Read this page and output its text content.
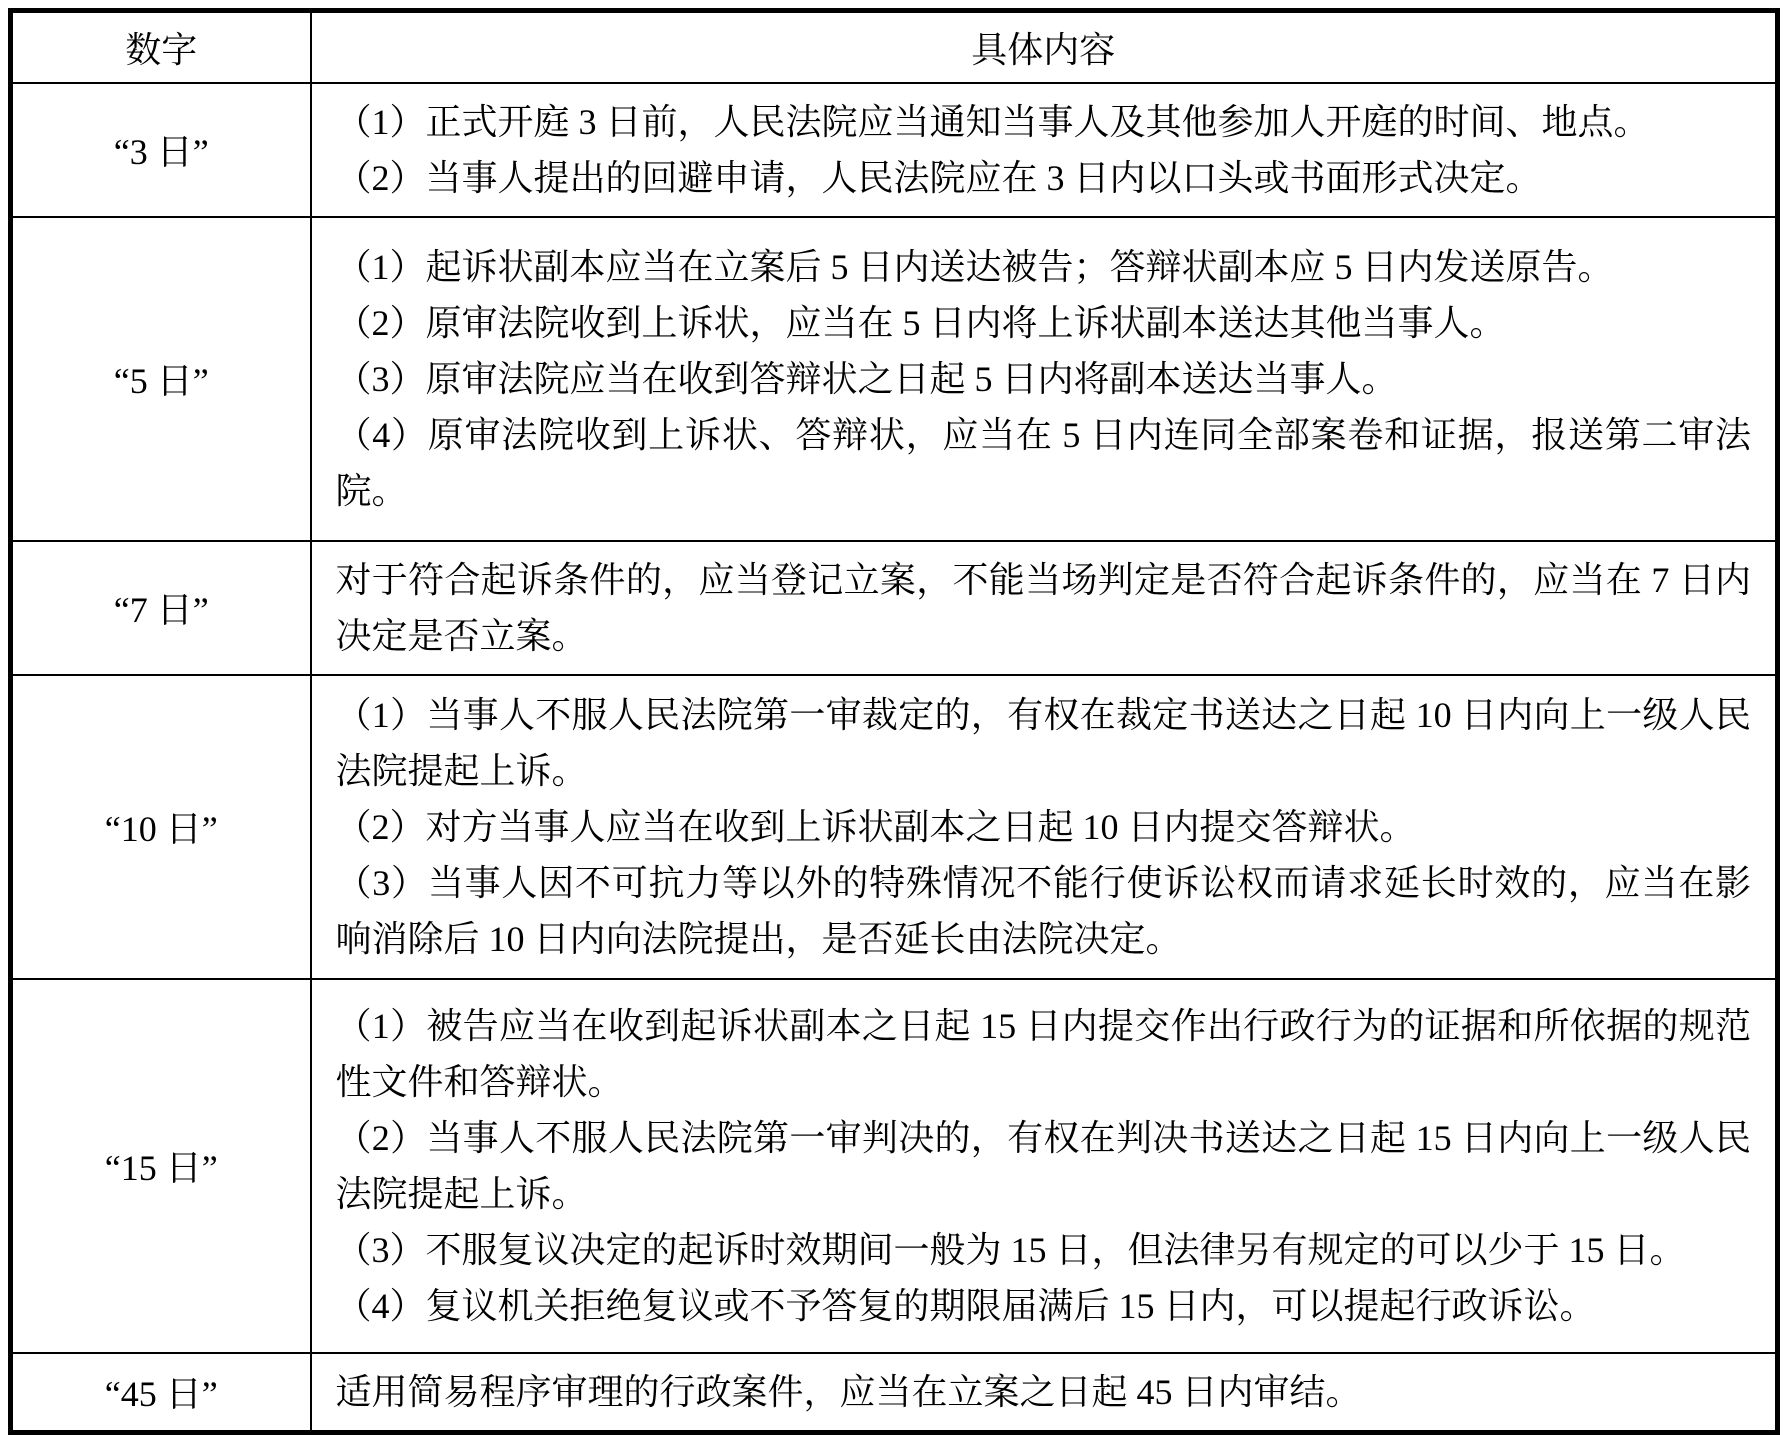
数字	具体内容
“3 日”	（1）正式开庭 3 日前，人民法院应当通知当事人及其他参加人开庭的时间、地点。

（2）当事人提出的回避申请，人民法院应在 3 日内以口头或书面形式决定。

“5 日”	（1）起诉状副本应当在立案后 5 日内送达被告；答辩状副本应 5 日内发送原告。

（2）原审法院收到上诉状，应当在 5 日内将上诉状副本送达其他当事人。

（3）原审法院应当在收到答辩状之日起 5 日内将副本送达当事人。

（4）原审法院收到上诉状、答辩状，应当在 5 日内连同全部案卷和证据，报送第二审法院。

“7 日”	对于符合起诉条件的，应当登记立案，不能当场判定是否符合起诉条件的，应当在 7 日内决定是否立案。

“10 日”	（1）当事人不服人民法院第一审裁定的，有权在裁定书送达之日起 10 日内向上一级人民法院提起上诉。

（2）对方当事人应当在收到上诉状副本之日起 10 日内提交答辩状。

（3）当事人因不可抗力等以外的特殊情况不能行使诉讼权而请求延长时效的，应当在影响消除后 10 日内向法院提出，是否延长由法院决定。

“15 日”	（1）被告应当在收到起诉状副本之日起 15 日内提交作出行政行为的证据和所依据的规范性文件和答辩状。

（2）当事人不服人民法院第一审判决的，有权在判决书送达之日起 15 日内向上一级人民法院提起上诉。

（3）不服复议决定的起诉时效期间一般为 15 日，但法律另有规定的可以少于 15 日。

（4）复议机关拒绝复议或不予答复的期限届满后 15 日内，可以提起行政诉讼。

“45 日”	适用简易程序审理的行政案件，应当在立案之日起 45 日内审结。
